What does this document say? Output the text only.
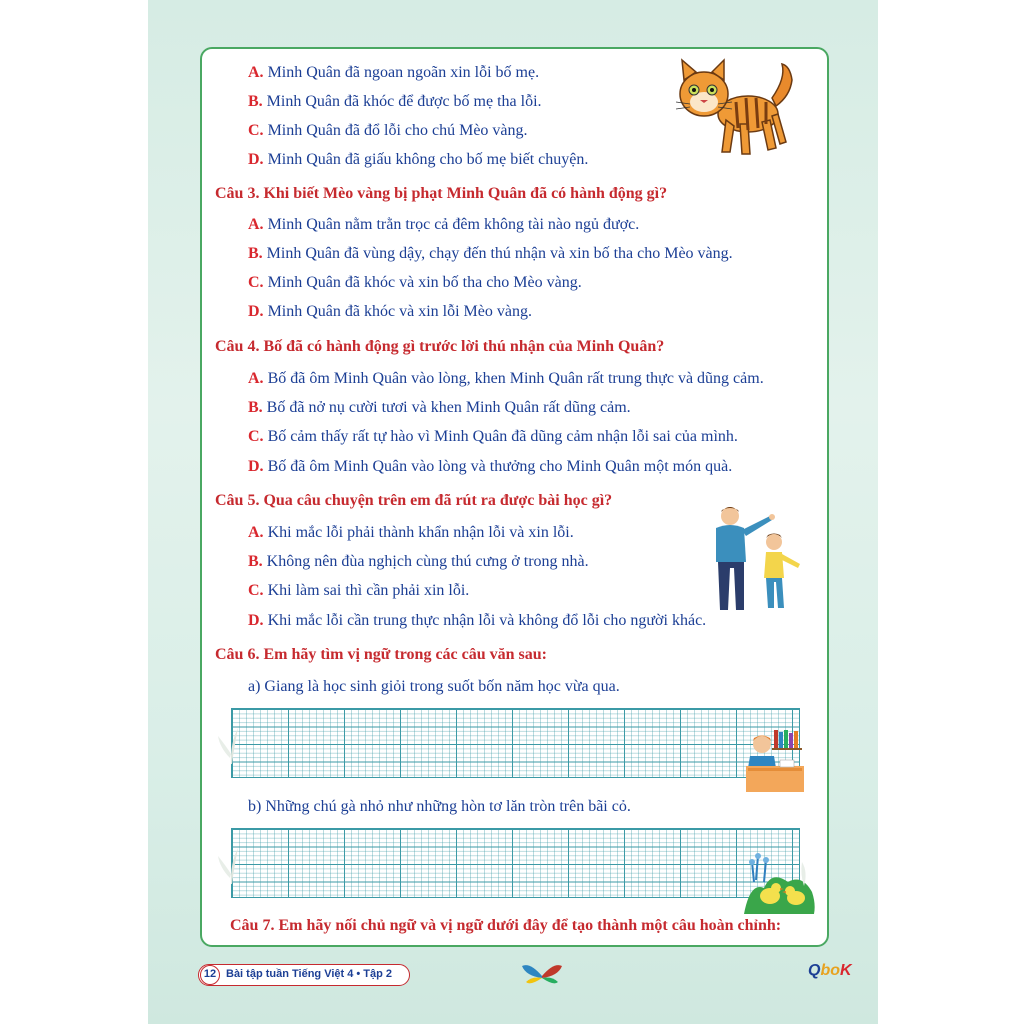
A. Minh Quân đã ngoan ngoãn xin lỗi bố mẹ.
B. Minh Quân đã khóc để được bố mẹ tha lỗi.
C. Minh Quân đã đổ lỗi cho chú Mèo vàng.
D. Minh Quân đã giấu không cho bố mẹ biết chuyện.
Câu 3. Khi biết Mèo vàng bị phạt Minh Quân đã có hành động gì?
A. Minh Quân nằm trằn trọc cả đêm không tài nào ngủ được.
B. Minh Quân đã vùng dậy, chạy đến thú nhận và xin bố tha cho Mèo vàng.
C. Minh Quân đã khóc và xin bố tha cho Mèo vàng.
D. Minh Quân đã khóc và xin lỗi Mèo vàng.
Câu 4. Bố đã có hành động gì trước lời thú nhận của Minh Quân?
A. Bố đã ôm Minh Quân vào lòng, khen Minh Quân rất trung thực và dũng cảm.
B. Bố đã nở nụ cười tươi và khen Minh Quân rất dũng cảm.
C. Bố cảm thấy rất tự hào vì Minh Quân đã dũng cảm nhận lỗi sai của mình.
D. Bố đã ôm Minh Quân vào lòng và thưởng cho Minh Quân một món quà.
Câu 5. Qua câu chuyện trên em đã rút ra được bài học gì?
A. Khi mắc lỗi phải thành khẩn nhận lỗi và xin lỗi.
B. Không nên đùa nghịch cùng thú cưng ở trong nhà.
C. Khi làm sai thì cần phải xin lỗi.
D. Khi mắc lỗi cần trung thực nhận lỗi và không đổ lỗi cho người khác.
Câu 6. Em hãy tìm vị ngữ trong các câu văn sau:
a) Giang là học sinh giỏi trong suốt bốn năm học vừa qua.
b) Những chú gà nhỏ như những hòn tơ lăn tròn trên bãi cỏ.
Câu 7. Em hãy nối chủ ngữ và vị ngữ dưới đây để tạo thành một câu hoàn chỉnh:
12 Bài tập tuần Tiếng Việt 4 • Tập 2	QboK
